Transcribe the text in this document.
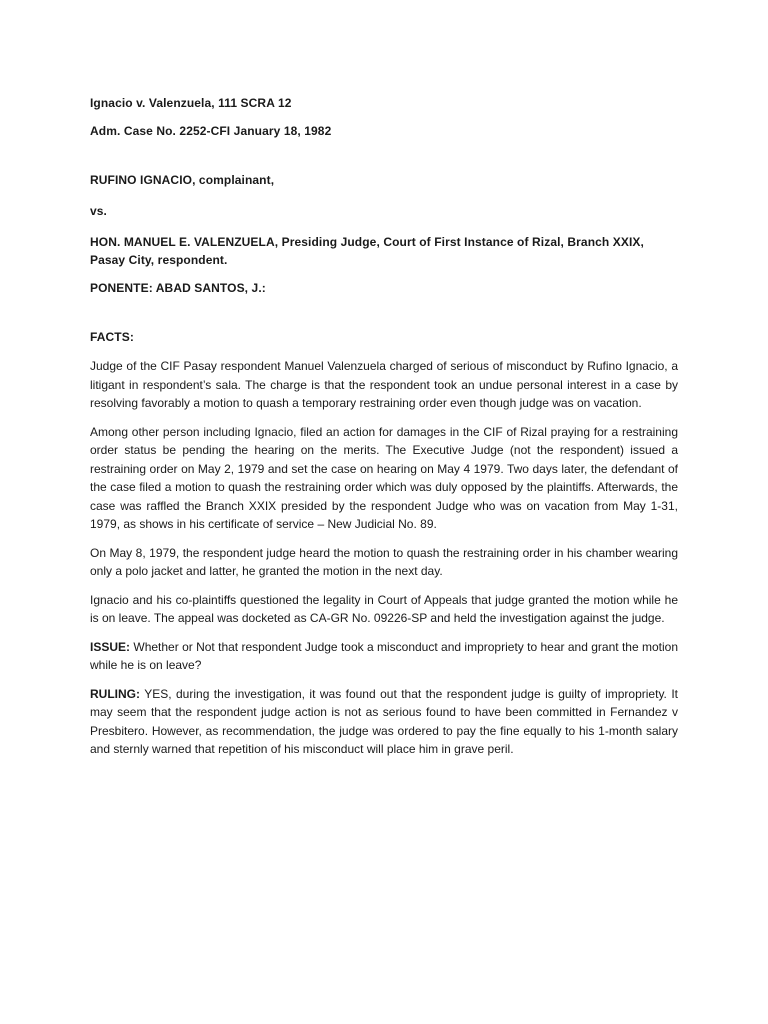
Ignacio v. Valenzuela, 111 SCRA 12

Adm. Case No. 2252-CFI January 18, 1982

RUFINO IGNACIO, complainant,

vs.

HON. MANUEL E. VALENZUELA, Presiding Judge, Court of First Instance of Rizal, Branch XXIX, Pasay City, respondent.

PONENTE: ABAD SANTOS, J.:

FACTS:

Judge of the CIF Pasay respondent Manuel Valenzuela charged of serious of misconduct by Rufino Ignacio, a litigant in respondent’s sala. The charge is that the respondent took an undue personal interest in a case by resolving favorably a motion to quash a temporary restraining order even though judge was on vacation.

Among other person including Ignacio, filed an action for damages in the CIF of Rizal praying for a restraining order status be pending the hearing on the merits. The Executive Judge (not the respondent) issued a restraining order on May 2, 1979 and set the case on hearing on May 4 1979. Two days later, the defendant of the case filed a motion to quash the restraining order which was duly opposed by the plaintiffs. Afterwards, the case was raffled the Branch XXIX presided by the respondent Judge who was on vacation from May 1-31, 1979, as shows in his certificate of service – New Judicial No. 89.

On May 8, 1979, the respondent judge heard the motion to quash the restraining order in his chamber wearing only a polo jacket and latter, he granted the motion in the next day.

Ignacio and his co-plaintiffs questioned the legality in Court of Appeals that judge granted the motion while he is on leave. The appeal was docketed as CA-GR No. 09226-SP and held the investigation against the judge.

ISSUE: Whether or Not that respondent Judge took a misconduct and impropriety to hear and grant the motion while he is on leave?

RULING: YES, during the investigation, it was found out that the respondent judge is guilty of impropriety. It may seem that the respondent judge action is not as serious found to have been committed in Fernandez v Presbitero. However, as recommendation, the judge was ordered to pay the fine equally to his 1-month salary and sternly warned that repetition of his misconduct will place him in grave peril.
